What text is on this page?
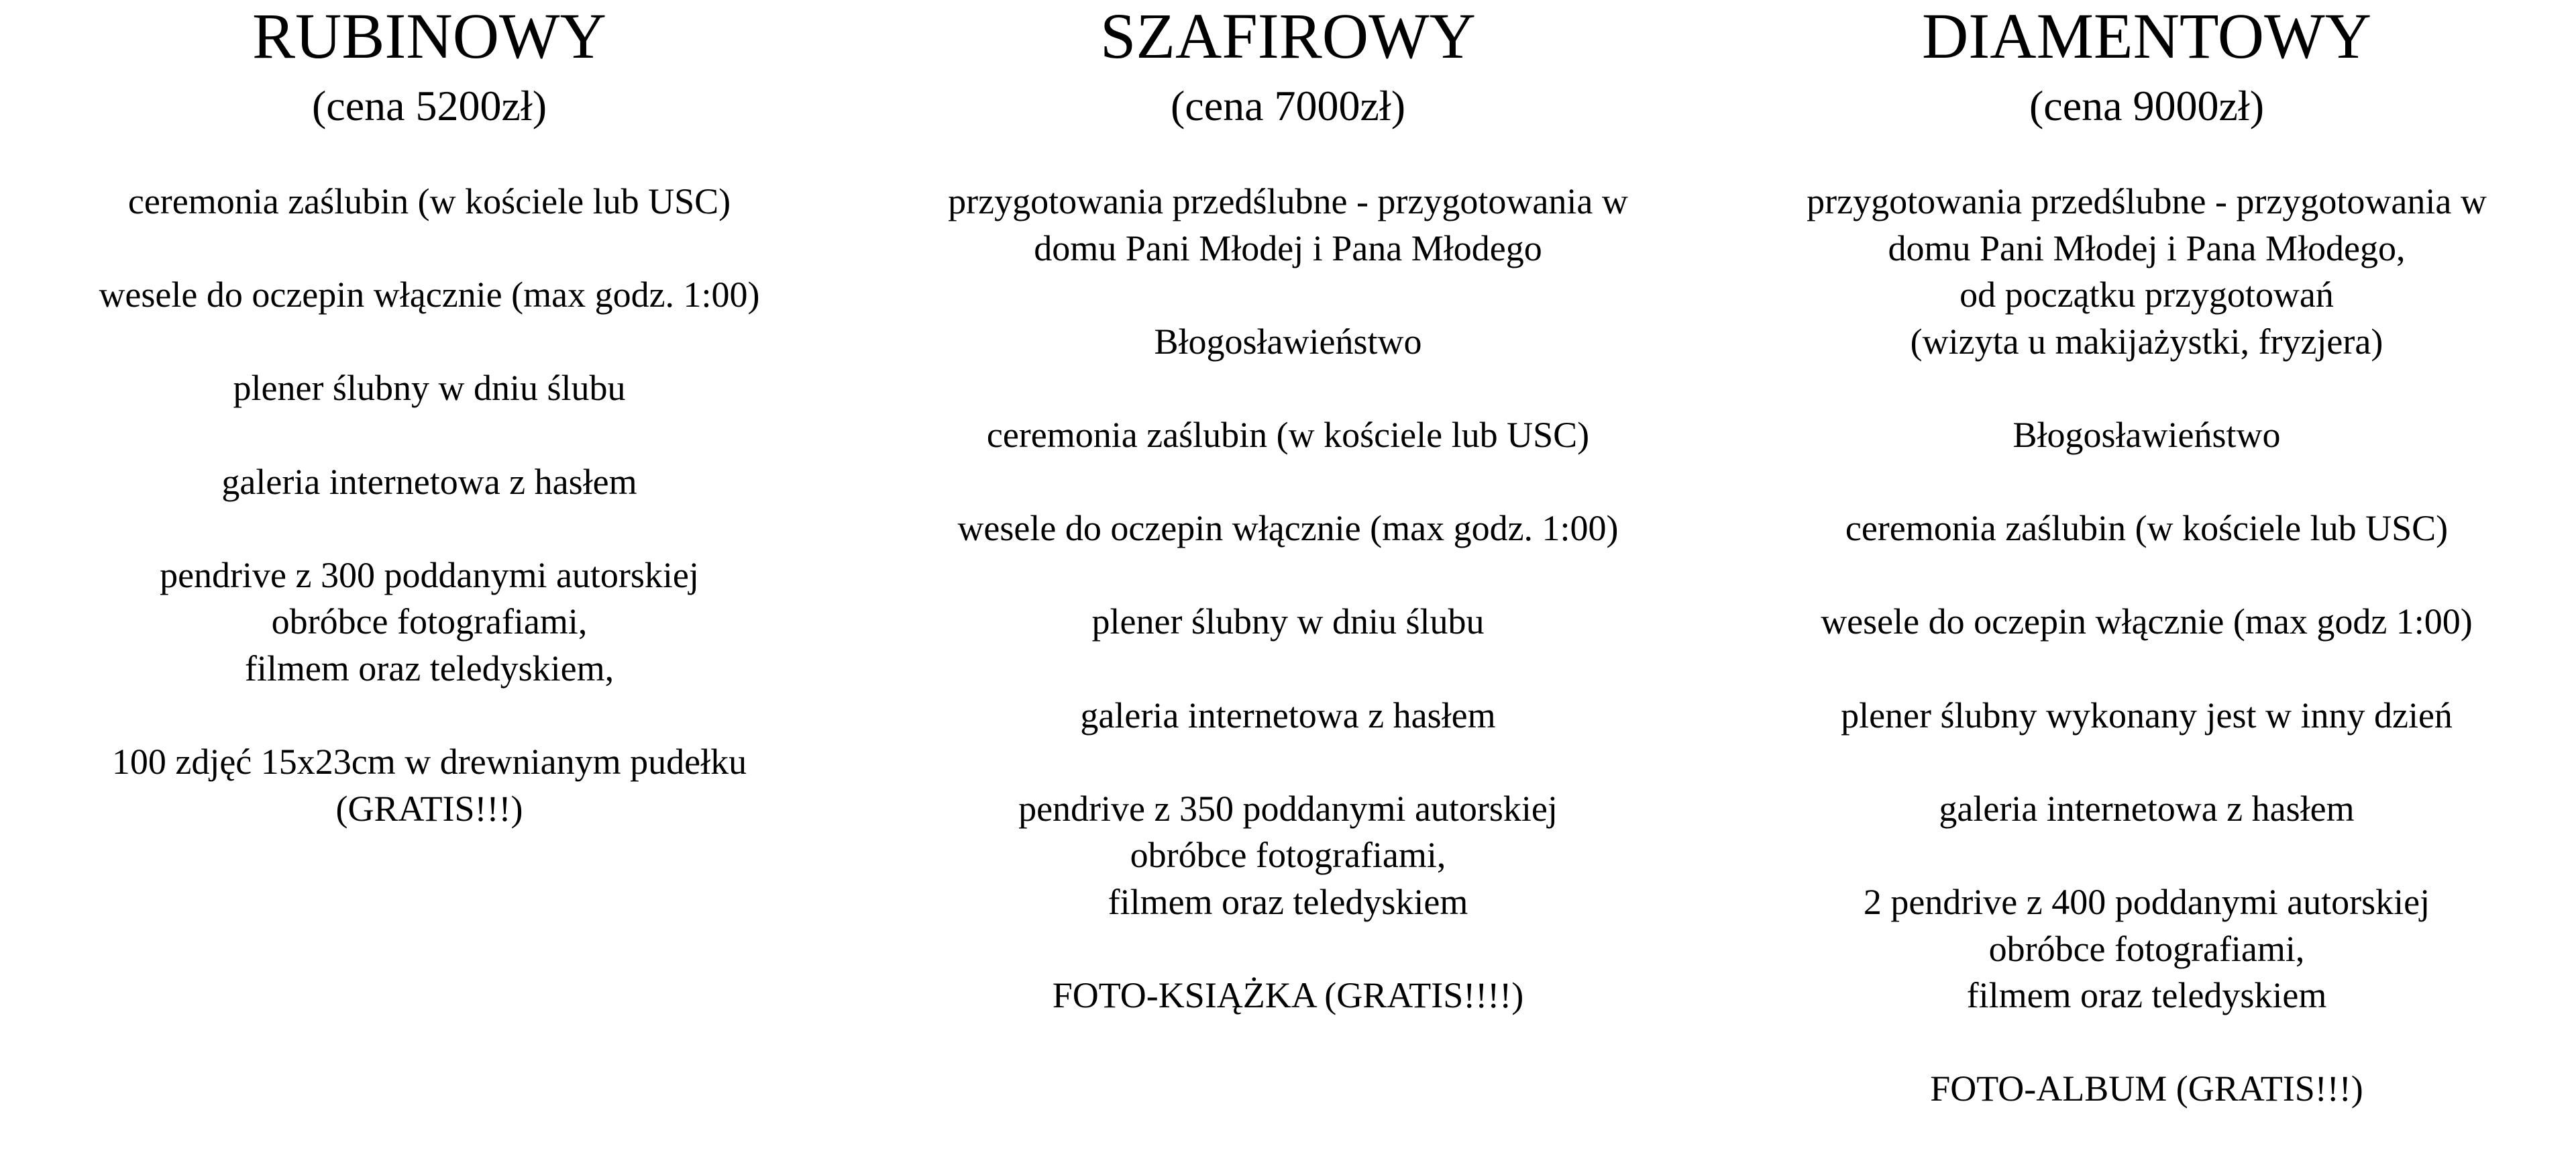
RUBINOWY
(cena 5200zł)
ceremonia zaślubin (w kościele lub USC)
wesele do oczepin włącznie (max godz. 1:00)
plener ślubny w dniu ślubu
galeria internetowa z hasłem
pendrive z 300 poddanymi autorskiej
obróbce fotografiami,
filmem oraz teledyskiem,
100 zdjęć 15x23cm w drewnianym pudełku
(GRATIS!!!)
SZAFIROWY
(cena 7000zł)
przygotowania przedślubne - przygotowania w
domu Pani Młodej i Pana Młodego
Błogosławieństwo
ceremonia zaślubin (w kościele lub USC)
wesele do oczepin włącznie (max godz. 1:00)
plener ślubny w dniu ślubu
galeria internetowa z hasłem
pendrive z 350 poddanymi autorskiej
obróbce fotografiami,
filmem oraz teledyskiem
FOTO-KSIĄŻKA (GRATIS!!!!)
DIAMENTOWY
(cena 9000zł)
przygotowania przedślubne - przygotowania w
domu Pani Młodej i Pana Młodego,
od początku przygotowań
(wizyta u makijażystki, fryzjera)
Błogosławieństwo
ceremonia zaślubin (w kościele lub USC)
wesele do oczepin włącznie (max godz 1:00)
plener ślubny wykonany jest w inny dzień
galeria internetowa z hasłem
2 pendrive z 400 poddanymi autorskiej
obróbce fotografiami,
filmem oraz teledyskiem
FOTO-ALBUM (GRATIS!!!)
